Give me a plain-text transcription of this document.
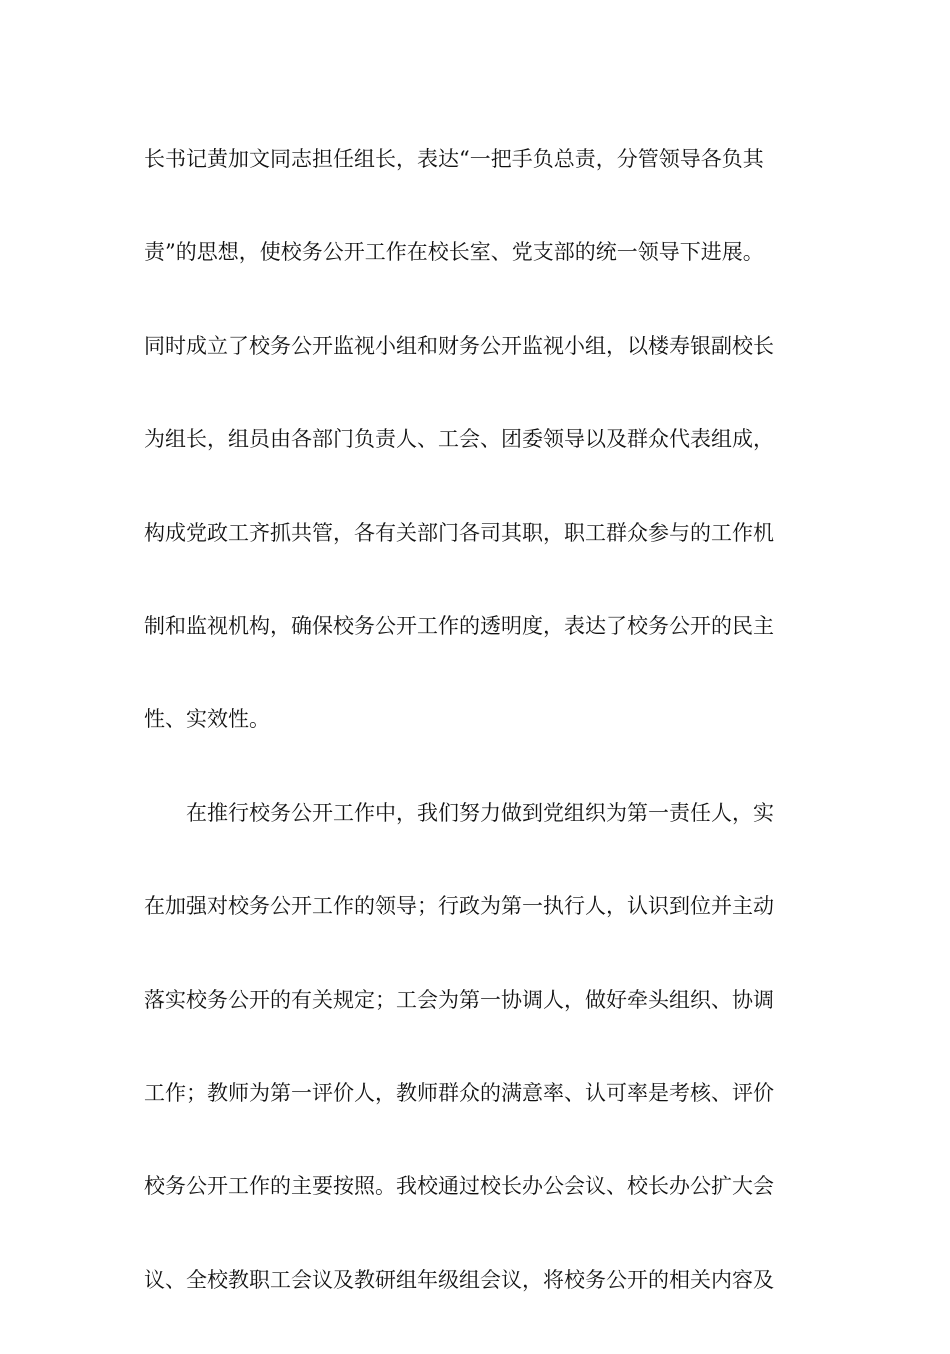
长书记黄加文同志担任组长，表达“一把手负总责，分管领导各负其
责”的思想，使校务公开工作在校长室、党支部的统一领导下进展。
同时成立了校务公开监视小组和财务公开监视小组，以楼寿银副校长
为组长，组员由各部门负责人、工会、团委领导以及群众代表组成，
构成党政工齐抓共管，各有关部门各司其职，职工群众参与的工作机
制和监视机构，确保校务公开工作的透明度，表达了校务公开的民主
性、实效性。
在推行校务公开工作中，我们努力做到党组织为第一责任人，实
在加强对校务公开工作的领导；行政为第一执行人，认识到位并主动
落实校务公开的有关规定；工会为第一协调人，做好牵头组织、协调
工作；教师为第一评价人，教师群众的满意率、认可率是考核、评价
校务公开工作的主要按照。我校通过校长办公会议、校长办公扩大会
议、全校教职工会议及教研组年级组会议，将校务公开的相关内容及
